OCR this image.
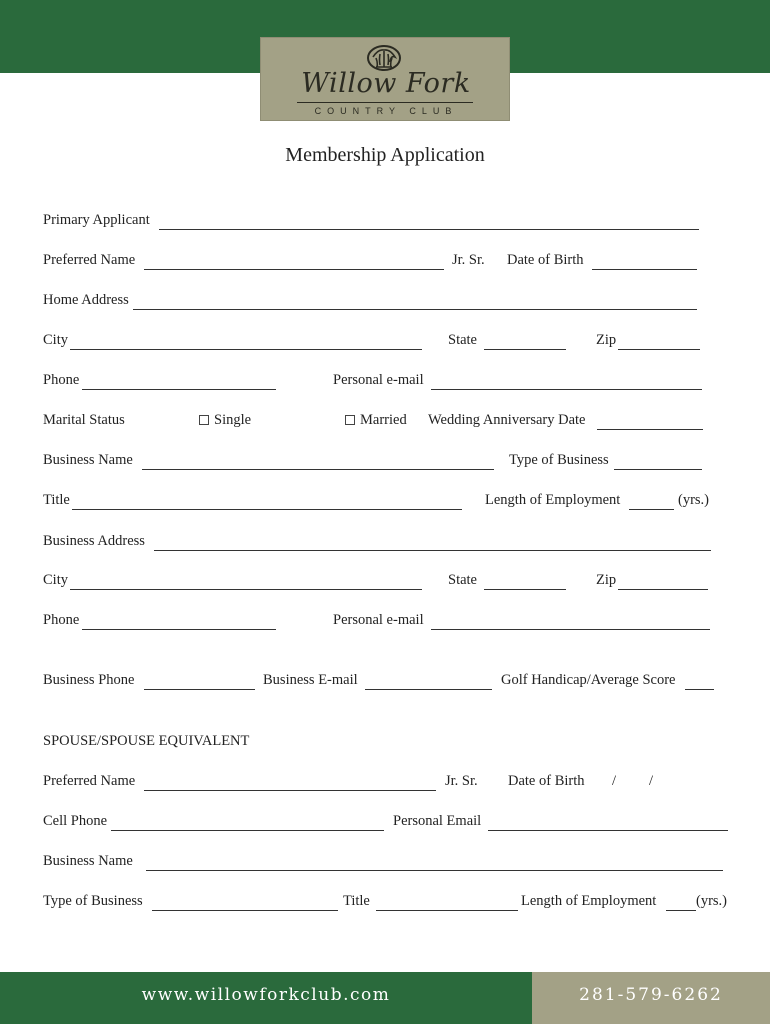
Willow Fork
COUNTRY CLUB
Membership Application
Primary Applicant
Preferred Name	Jr. Sr. Date of Birth
Home Address
City	State	Zip
Phone	Personal e-mail
Marital Status	Single	Married Wedding Anniversary Date
Business Name	Type of Business
Title	Length of Employment	(yrs.)
Business Address
City	State	Zip
Phone	Personal e-mail
Business Phone	Business E-mail	Golf Handicap/Average Score
SPOUSE/SPOUSE EQUIVALENT
Preferred Name	Jr. Sr. Date of Birth / /
Cell Phone	Personal Email
Business Name
Type of Business	Title	Length of Employment	(yrs.)
www.willowforkclub.com	281-579-6262
